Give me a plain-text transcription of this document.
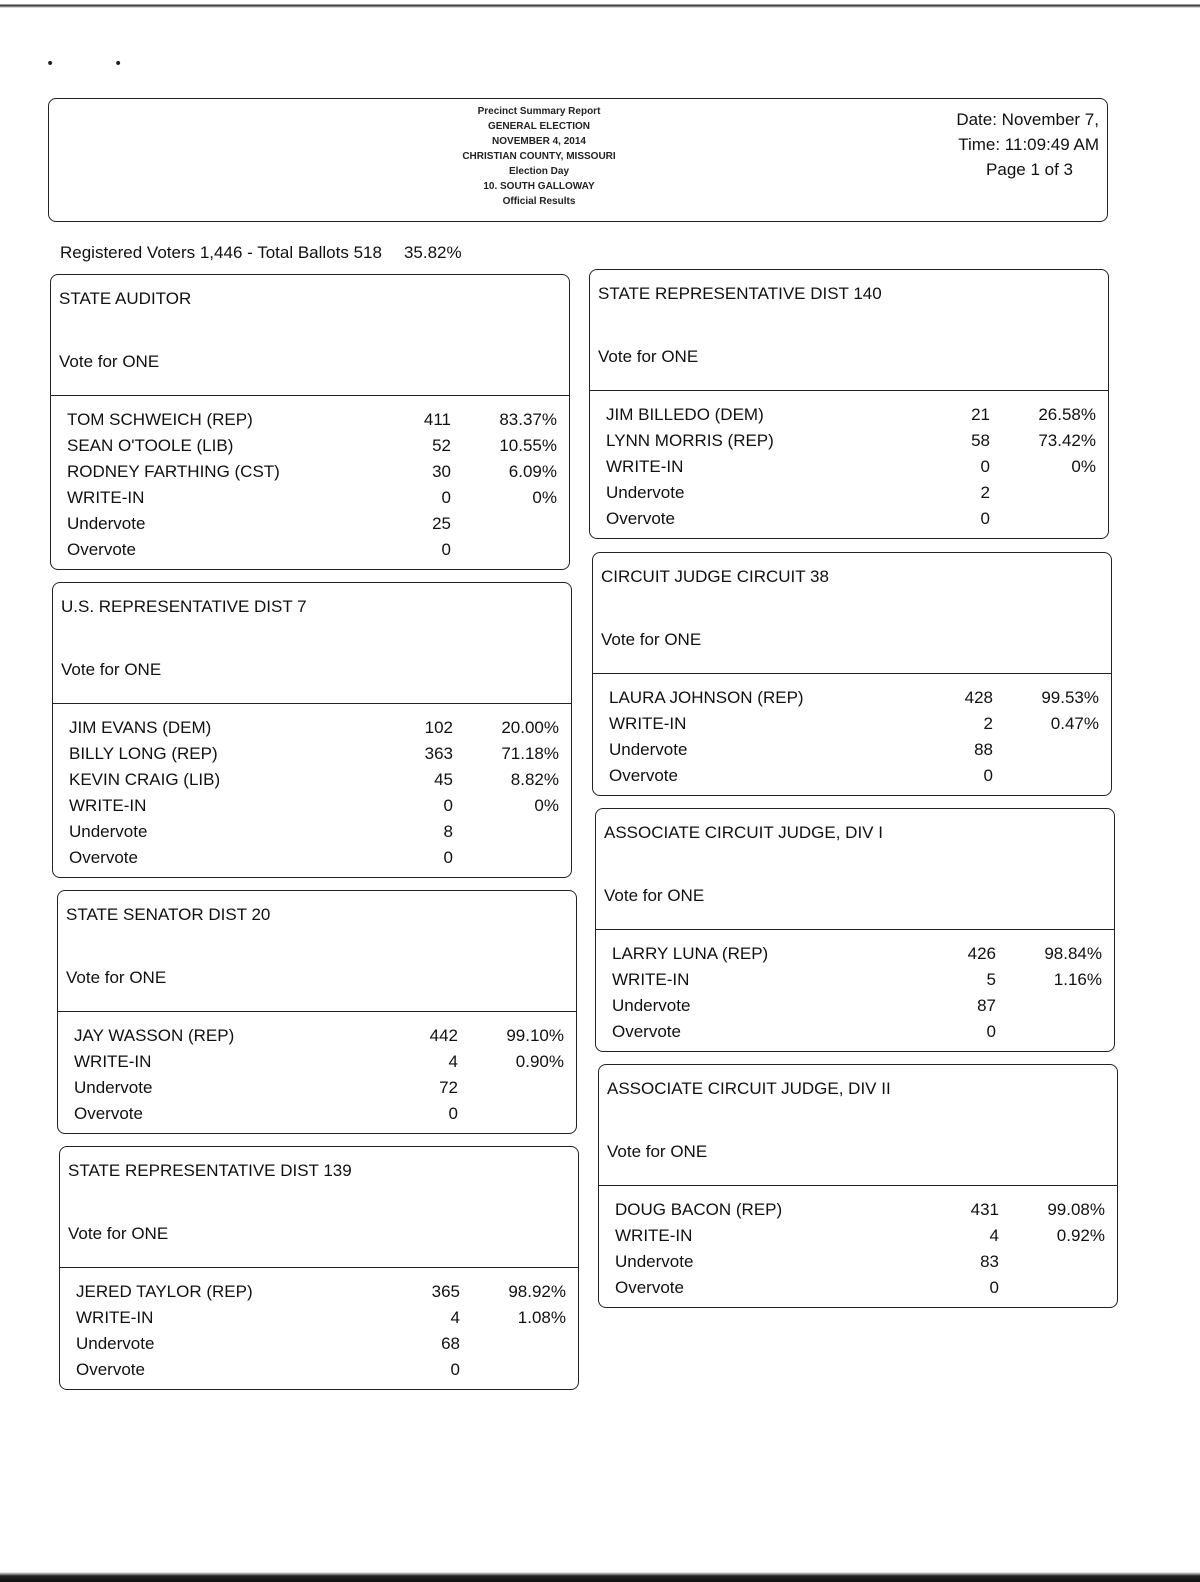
•	•
Precinct Summary Report
GENERAL ELECTION
NOVEMBER 4, 2014
CHRISTIAN COUNTY, MISSOURI
Election Day
10. SOUTH GALLOWAY
Official Results
Date: November 7,
Time: 11:09:49 AM
Page 1 of 3
Registered Voters 1,446 - Total Ballots 518 35.82%
STATE AUDITOR
Vote for ONE
TOM SCHWEICH (REP)	411	83.37%
SEAN O'TOOLE (LIB)	52	10.55%
RODNEY FARTHING (CST)	30	6.09%
WRITE-IN	0	0%
Undervote	25
Overvote	0
U.S. REPRESENTATIVE DIST 7
Vote for ONE
JIM EVANS (DEM)	102	20.00%
BILLY LONG (REP)	363	71.18%
KEVIN CRAIG (LIB)	45	8.82%
WRITE-IN	0	0%
Undervote	8
Overvote	0
STATE SENATOR DIST 20
Vote for ONE
JAY WASSON (REP)	442	99.10%
WRITE-IN	4	0.90%
Undervote	72
Overvote	0
STATE REPRESENTATIVE DIST 139
Vote for ONE
JERED TAYLOR (REP)	365	98.92%
WRITE-IN	4	1.08%
Undervote	68
Overvote	0
STATE REPRESENTATIVE DIST 140
Vote for ONE
JIM BILLEDO (DEM)	21	26.58%
LYNN MORRIS (REP)	58	73.42%
WRITE-IN	0	0%
Undervote	2
Overvote	0
CIRCUIT JUDGE CIRCUIT 38
Vote for ONE
LAURA JOHNSON (REP)	428	99.53%
WRITE-IN	2	0.47%
Undervote	88
Overvote	0
ASSOCIATE CIRCUIT JUDGE, DIV I
Vote for ONE
LARRY LUNA (REP)	426	98.84%
WRITE-IN	5	1.16%
Undervote	87
Overvote	0
ASSOCIATE CIRCUIT JUDGE, DIV II
Vote for ONE
DOUG BACON (REP)	431	99.08%
WRITE-IN	4	0.92%
Undervote	83
Overvote	0
